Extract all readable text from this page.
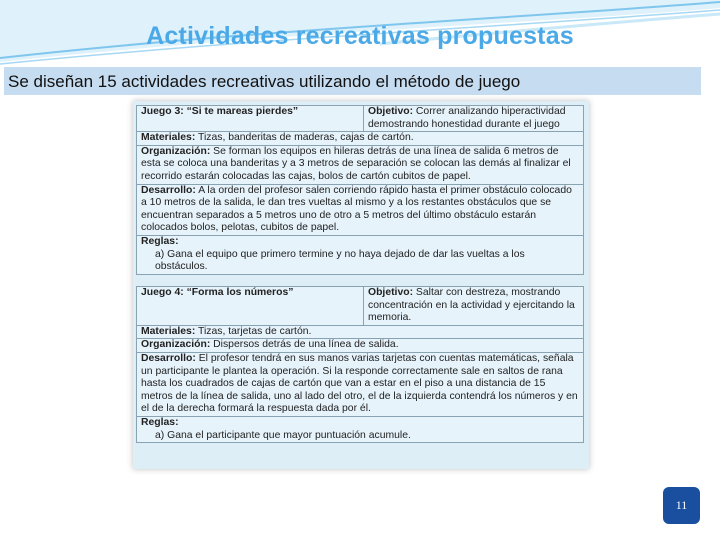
Actividades recreativas propuestas
Se diseñan 15 actividades recreativas utilizando el método de juego
Juego 3: “Si te mareas pierdes”	Objetivo: Correr analizando hiperactividad demostrando honestidad durante el juego
Materiales: Tizas, banderitas de maderas, cajas de cartón.
Organización: Se forman los equipos en hileras detrás de una línea de salida 6 metros de esta se coloca una banderitas y a 3 metros de separación se colocan las demás al finalizar el recorrido estarán colocadas las cajas, bolos de cartón cubitos de papel.
Desarrollo: A la orden del profesor salen corriendo rápido hasta el primer obstáculo colocado a 10 metros de la salida, le dan tres vueltas al mismo y a los restantes obstáculos que se encuentran separados a 5 metros uno de otro a 5 metros del último obstáculo estarán colocados bolos, pelotas, cubitos de papel.
Reglas:
a) Gana el equipo que primero termine y no haya dejado de dar las vueltas a los obstáculos.
Juego 4: “Forma los números”	Objetivo: Saltar con destreza, mostrando concentración en la actividad y ejercitando la memoria.
Materiales: Tizas, tarjetas de cartón.
Organización: Dispersos detrás de una línea de salida.
Desarrollo: El profesor tendrá en sus manos varias tarjetas con cuentas matemáticas, señala un participante le plantea la operación. Si la responde correctamente sale en saltos de rana hasta los cuadrados de cajas de cartón que van a estar en el piso a una distancia de 15 metros de la línea de salida, uno al lado del otro, el de la izquierda contendrá los números y en el de la derecha formará la respuesta dada por él.
Reglas:
a) Gana el participante que mayor puntuación acumule.
11
